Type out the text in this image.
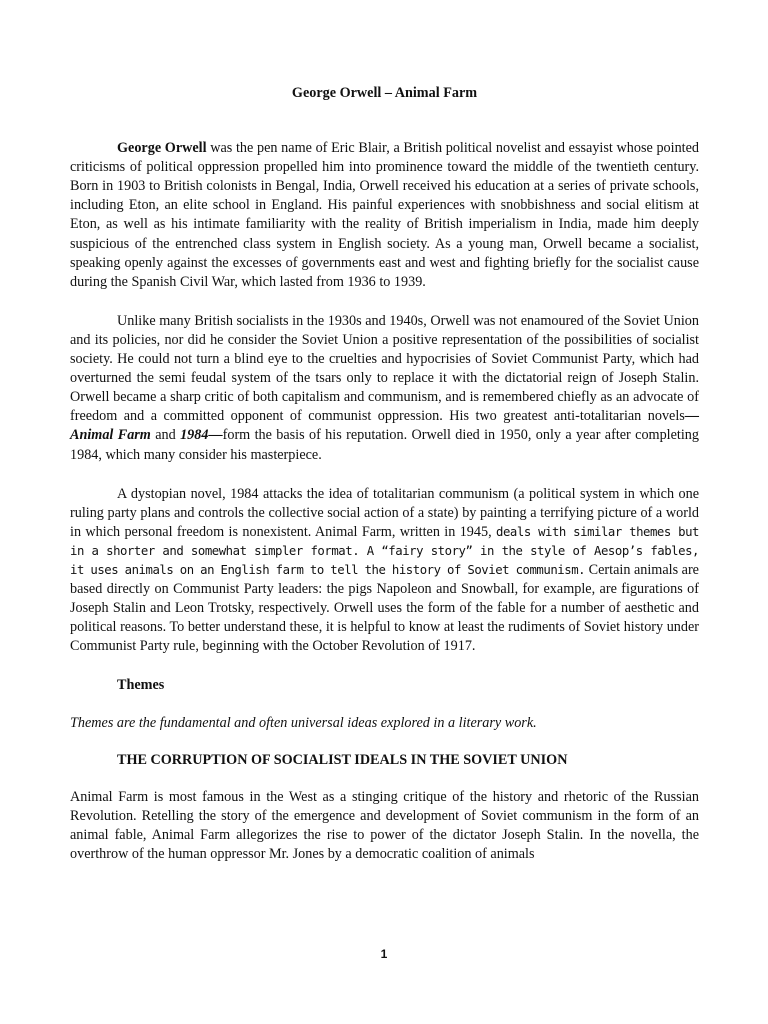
George Orwell – Animal Farm

George Orwell was the pen name of Eric Blair, a British political novelist and essayist whose pointed criticisms of political oppression propelled him into prominence toward the middle of the twentieth century. Born in 1903 to British colonists in Bengal, India, Orwell received his education at a series of private schools, including Eton, an elite school in England. His painful experiences with snobbishness and social elitism at Eton, as well as his intimate familiarity with the reality of British imperialism in India, made him deeply suspicious of the entrenched class system in English society. As a young man, Orwell became a socialist, speaking openly against the excesses of governments east and west and fighting briefly for the socialist cause during the Spanish Civil War, which lasted from 1936 to 1939.

Unlike many British socialists in the 1930s and 1940s, Orwell was not enamoured of the Soviet Union and its policies, nor did he consider the Soviet Union a positive representation of the possibilities of socialist society. He could not turn a blind eye to the cruelties and hypocrisies of Soviet Communist Party, which had overturned the semi feudal system of the tsars only to replace it with the dictatorial reign of Joseph Stalin. Orwell became a sharp critic of both capitalism and communism, and is remembered chiefly as an advocate of freedom and a committed opponent of communist oppression. His two greatest anti-totalitarian novels—Animal Farm and 1984—form the basis of his reputation. Orwell died in 1950, only a year after completing 1984, which many consider his masterpiece.

A dystopian novel, 1984 attacks the idea of totalitarian communism (a political system in which one ruling party plans and controls the collective social action of a state) by painting a terrifying picture of a world in which personal freedom is nonexistent. Animal Farm, written in 1945, deals with similar themes but in a shorter and somewhat simpler format. A “fairy story” in the style of Aesop’s fables, it uses animals on an English farm to tell the history of Soviet communism. Certain animals are based directly on Communist Party leaders: the pigs Napoleon and Snowball, for example, are figurations of Joseph Stalin and Leon Trotsky, respectively. Orwell uses the form of the fable for a number of aesthetic and political reasons. To better understand these, it is helpful to know at least the rudiments of Soviet history under Communist Party rule, beginning with the October Revolution of 1917.

Themes
Themes are the fundamental and often universal ideas explored in a literary work.
THE CORRUPTION OF SOCIALIST IDEALS IN THE SOVIET UNION

Animal Farm is most famous in the West as a stinging critique of the history and rhetoric of the Russian Revolution. Retelling the story of the emergence and development of Soviet communism in the form of an animal fable, Animal Farm allegorizes the rise to power of the dictator Joseph Stalin. In the novella, the overthrow of the human oppressor Mr. Jones by a democratic coalition of animals

1
